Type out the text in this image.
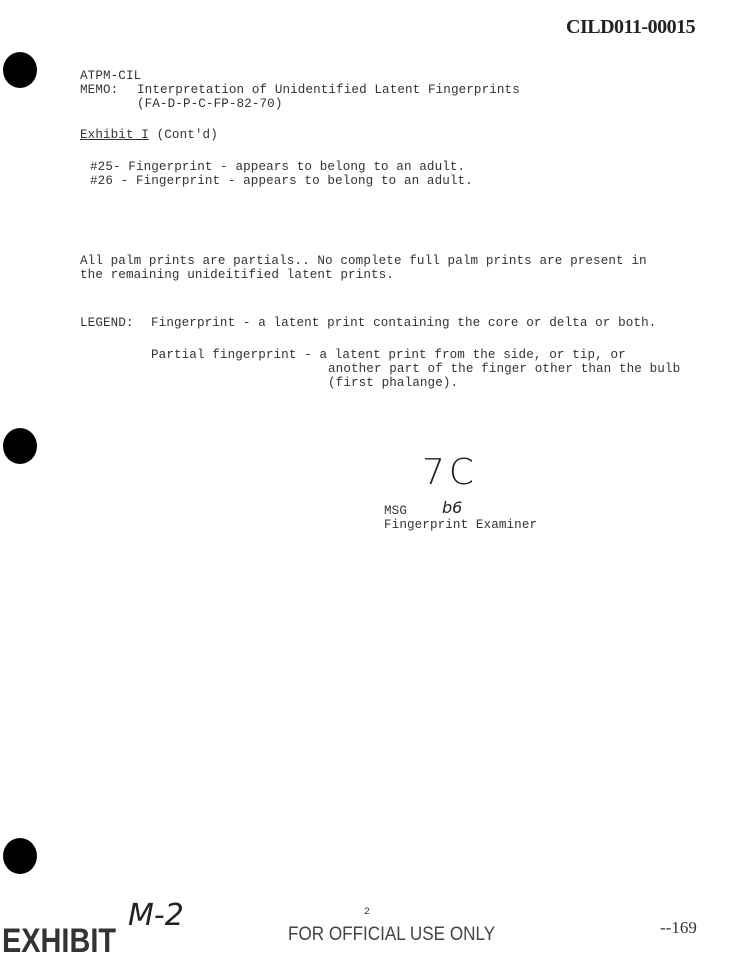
CILD011-00015
ATPM-CIL
MEMO: Interpretation of Unidentified Latent Fingerprints
(FA-D-P-C-FP-82-70)
Exhibit I (Cont'd)
#25- Fingerprint - appears to belong to an adult.
#26 - Fingerprint - appears to belong to an adult.
All palm prints are partials.. No complete full palm prints are present in
the remaining unideitified latent prints.
LEGEND: Fingerprint - a latent print containing the core or delta or both.
Partial fingerprint - a latent print from the side, or tip, or
another part of the finger other than the bulb
(first phalange).
7C
MSG b6
Fingerprint Examiner
EXHIBIT
M-2	2
FOR OFFICIAL USE ONLY	--169
